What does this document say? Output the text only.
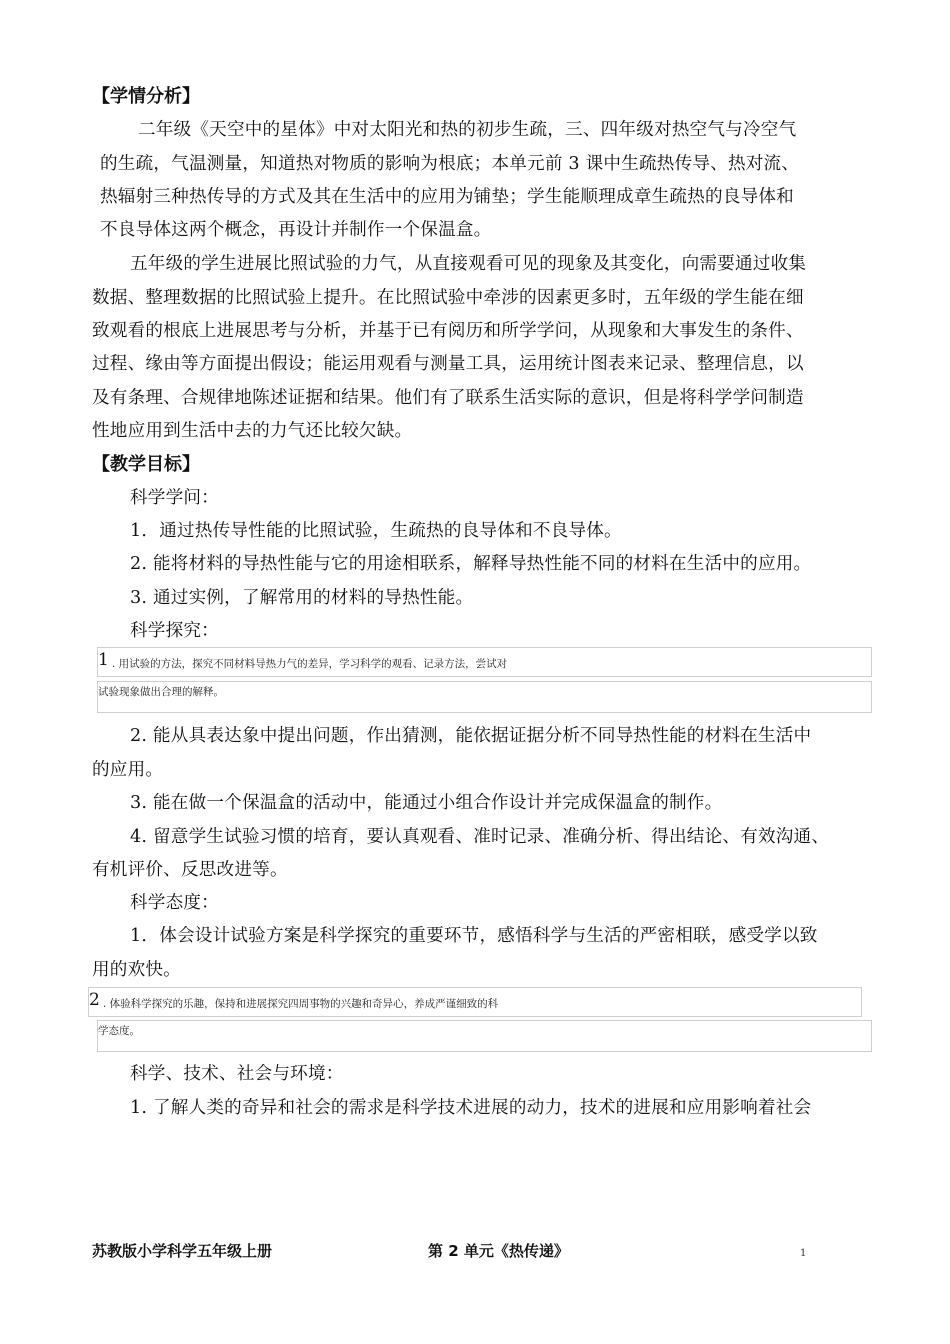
【学情分析】
二年级《天空中的星体》中对太阳光和热的初步生疏，三、四年级对热空气与冷空气
的生疏，气温测量，知道热对物质的影响为根底；本单元前 3 课中生疏热传导、热对流、
热辐射三种热传导的方式及其在生活中的应用为铺垫；学生能顺理成章生疏热的良导体和
不良导体这两个概念，再设计并制作一个保温盒。
五年级的学生进展比照试验的力气，从直接观看可见的现象及其变化，向需要通过收集
数据、整理数据的比照试验上提升。在比照试验中牵涉的因素更多时，五年级的学生能在细
致观看的根底上进展思考与分析，并基于已有阅历和所学学问，从现象和大事发生的条件、
过程、缘由等方面提出假设；能运用观看与测量工具，运用统计图表来记录、整理信息，以
及有条理、合规律地陈述证据和结果。他们有了联系生活实际的意识，但是将科学学问制造
性地应用到生活中去的力气还比较欠缺。
【教学目标】
科学学问：
1．通过热传导性能的比照试验，生疏热的良导体和不良导体。
2. 能将材料的导热性能与它的用途相联系，解释导热性能不同的材料在生活中的应用。
3. 通过实例，了解常用的材料的导热性能。
科学探究：
1 . 用试验的方法，探究不同材料导热力气的差异，学习科学的观看、记录方法，尝试对
试验现象做出合理的解释。
2. 能从具表达象中提出问题，作出猜测，能依据证据分析不同导热性能的材料在生活中
的应用。
3. 能在做一个保温盒的活动中，能通过小组合作设计并完成保温盒的制作。
4. 留意学生试验习惯的培育，要认真观看、准时记录、准确分析、得出结论、有效沟通、
有机评价、反思改进等。
科学态度：
1．体会设计试验方案是科学探究的重要环节，感悟科学与生活的严密相联，感受学以致
用的欢快。
2 . 体验科学探究的乐趣，保持和进展探究四周事物的兴趣和奇异心，养成严谨细致的科
学态度。
科学、技术、社会与环境：
1. 了解人类的奇异和社会的需求是科学技术进展的动力，技术的进展和应用影响着社会
苏教版小学科学五年级上册	第 2 单元《热传递》	1
